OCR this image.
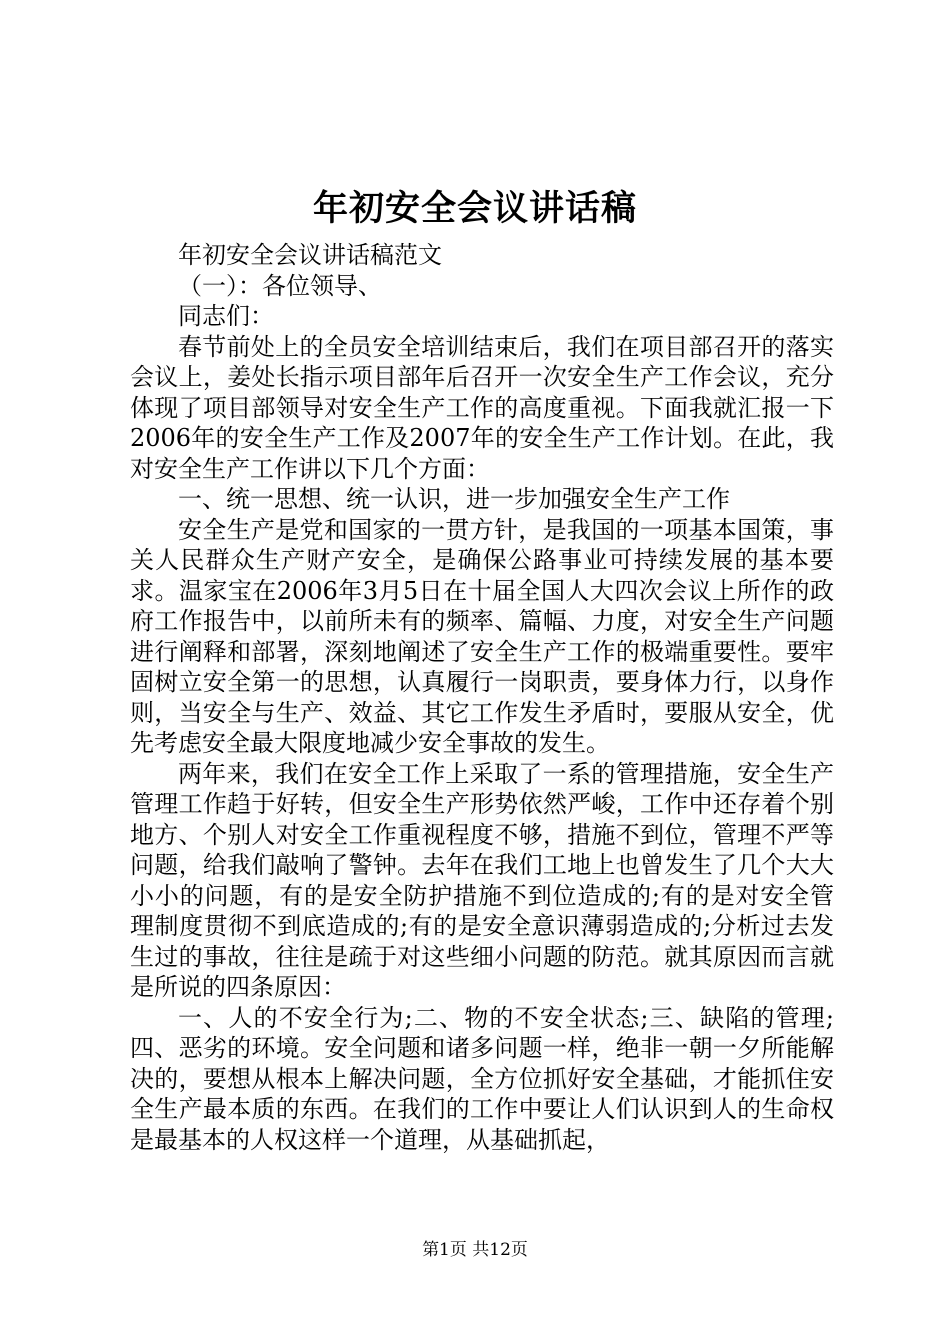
年初安全会议讲话稿

年初安全会议讲话稿范文

（一）：各位领导、

同志们：

春节前处上的全员安全培训结束后，我们在项目部召开的落实会议上，姜处长指示项目部年后召开一次安全生产工作会议，充分体现了项目部领导对安全生产工作的高度重视。下面我就汇报一下2006年的安全生产工作及2007年的安全生产工作计划。在此，我对安全生产工作讲以下几个方面：

一、统一思想、统一认识，进一步加强安全生产工作

安全生产是党和国家的一贯方针，是我国的一项基本国策，事关人民群众生产财产安全，是确保公路事业可持续发展的基本要求。温家宝在2006年3月5日在十届全国人大四次会议上所作的政府工作报告中，以前所未有的频率、篇幅、力度，对安全生产问题进行阐释和部署，深刻地阐述了安全生产工作的极端重要性。要牢固树立安全第一的思想，认真履行一岗职责，要身体力行，以身作则，当安全与生产、效益、其它工作发生矛盾时，要服从安全，优先考虑安全最大限度地减少安全事故的发生。

两年来，我们在安全工作上采取了一系的管理措施，安全生产管理工作趋于好转，但安全生产形势依然严峻，工作中还存着个别地方、个别人对安全工作重视程度不够，措施不到位，管理不严等问题，给我们敲响了警钟。去年在我们工地上也曾发生了几个大大小小的问题，有的是安全防护措施不到位造成的;有的是对安全管理制度贯彻不到底造成的;有的是安全意识薄弱造成的;分析过去发生过的事故，往往是疏于对这些细小问题的防范。就其原因而言就是所说的四条原因：

一、人的不安全行为;二、物的不安全状态;三、缺陷的管理;四、恶劣的环境。安全问题和诸多问题一样，绝非一朝一夕所能解决的，要想从根本上解决问题，全方位抓好安全基础，才能抓住安全生产最本质的东西。在我们的工作中要让人们认识到人的生命权是最基本的人权这样一个道理，从基础抓起，

第1页 共12页
